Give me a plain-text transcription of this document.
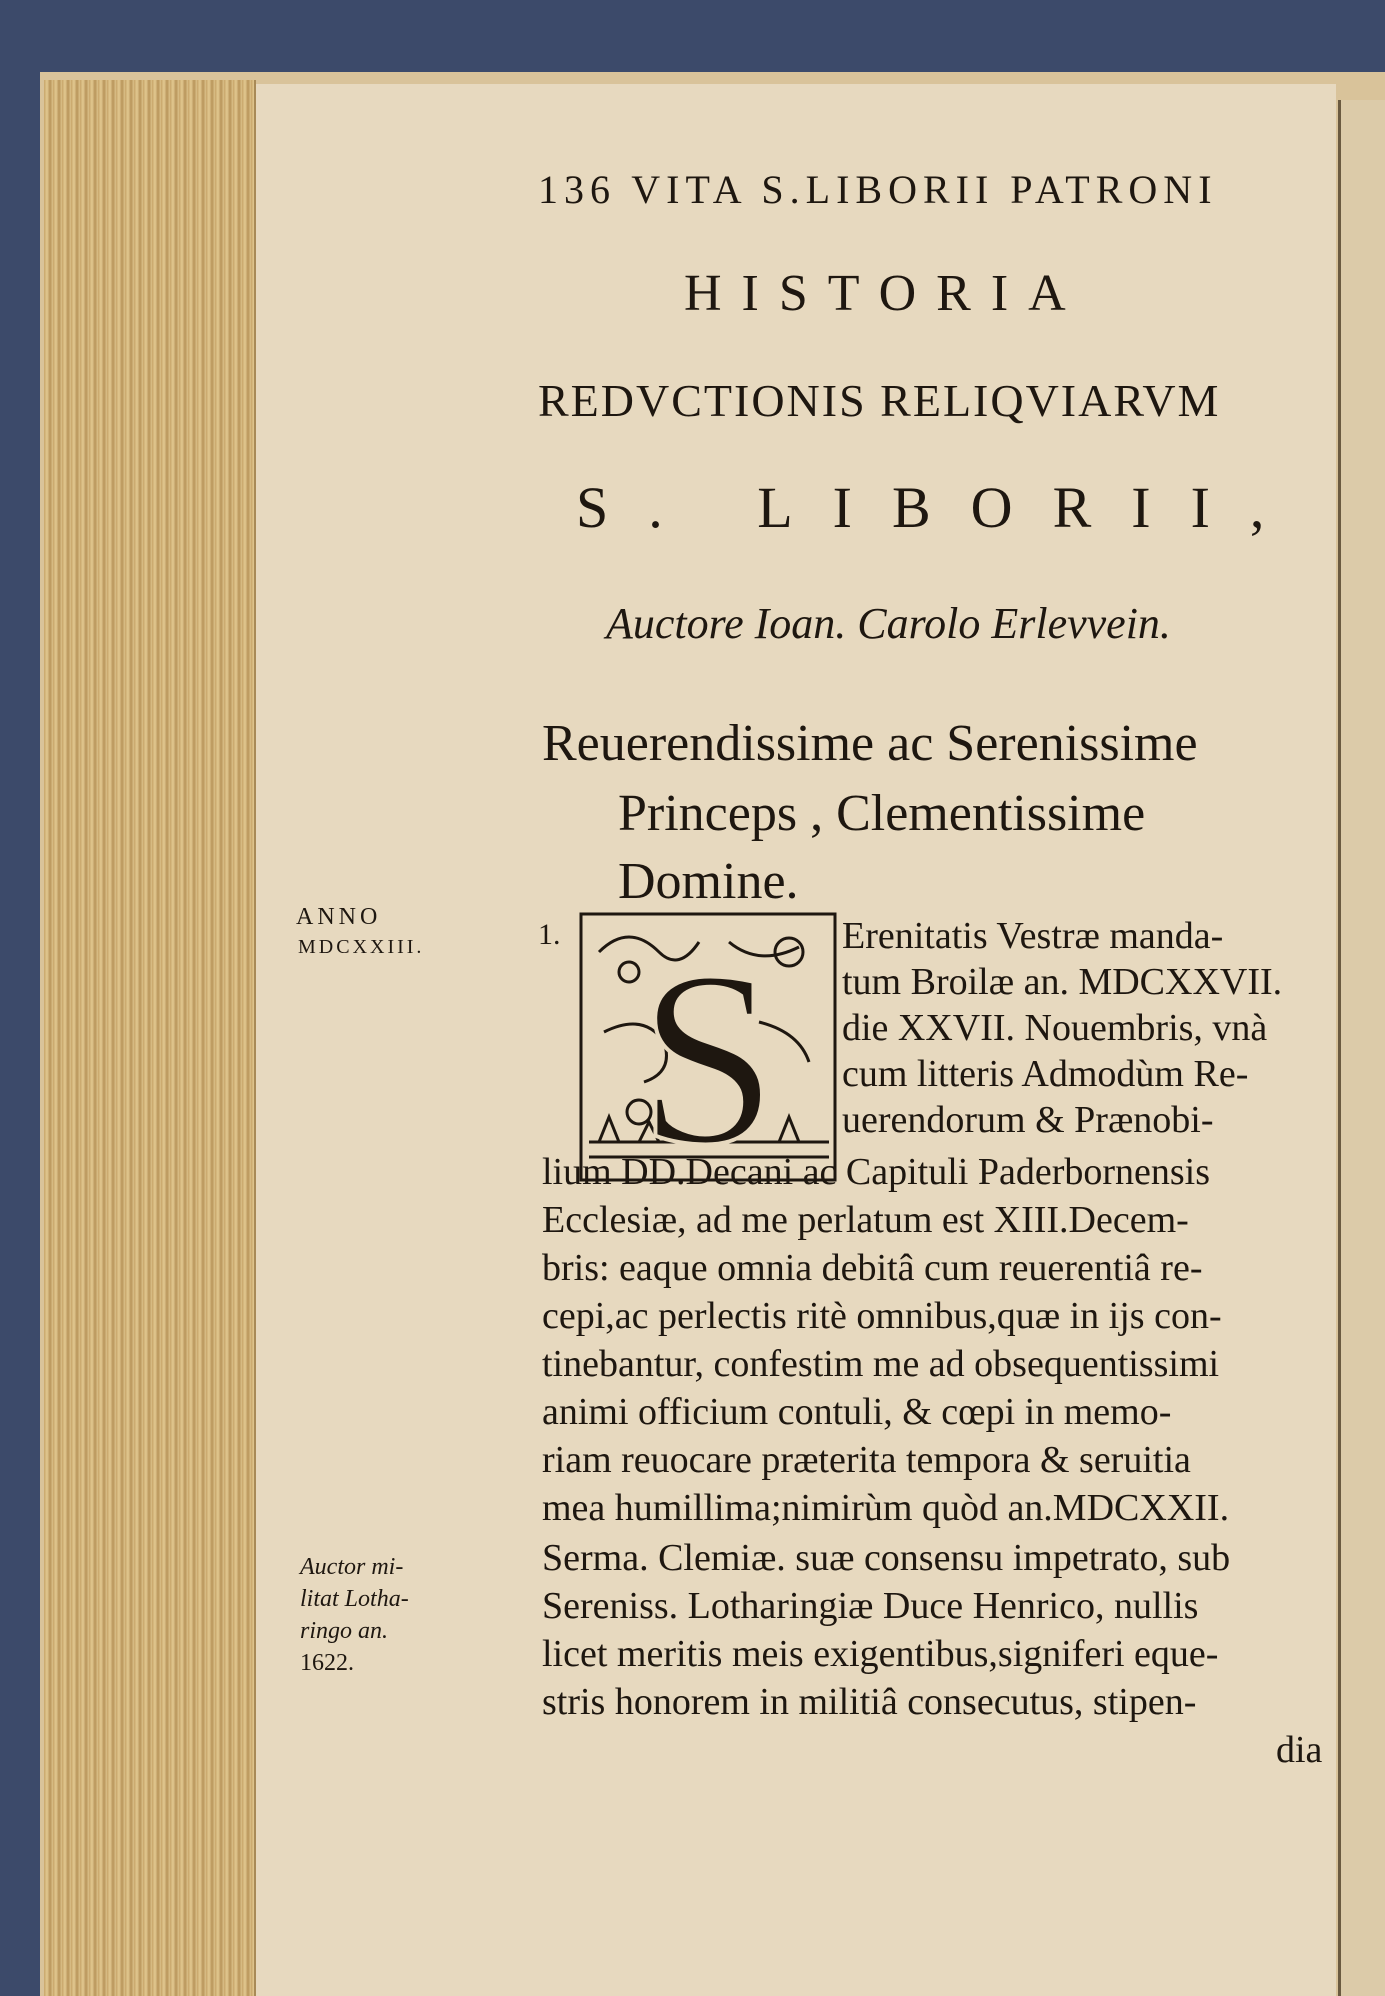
136 VITA S.LIBORII PATRONI
HISTORIA
REDVCTIONIS RELIQVIARVM
S. LIBORII,
Auctore Ioan. Carolo Erlevvein.
Reuerendissime ac Serenissime
Princeps , Clementissime
Domine.
ANNO
MDCXXIII.	1. S Erenitatis Vestræ manda-
tum Broilæ an. MDCXXVII.
die XXVII. Nouembris, vnà
cum litteris Admodùm Re-
uerendorum & Prænobi-
lium DD.Decani ac Capituli Paderbornensis
Ecclesiæ, ad me perlatum est XIII.Decem-
bris: eaque omnia debitâ cum reuerentiâ re-
cepi,ac perlectis ritè omnibus,quæ in ijs con-
tinebantur, confestim me ad obsequentissimi
animi officium contuli, & cœpi in memo-
riam reuocare præterita tempora & seruitia
mea humillima;nimirùm quòd an.MDCXXII.
Serma. Clemiæ. suæ consensu impetrato, sub
Sereniss. Lotharingiæ Duce Henrico, nullis
licet meritis meis exigentibus,signiferi eque-
stris honorem in militiâ consecutus, stipen-
dia
Auctor mi-
litat Lotha-
ringo an.
1622.
